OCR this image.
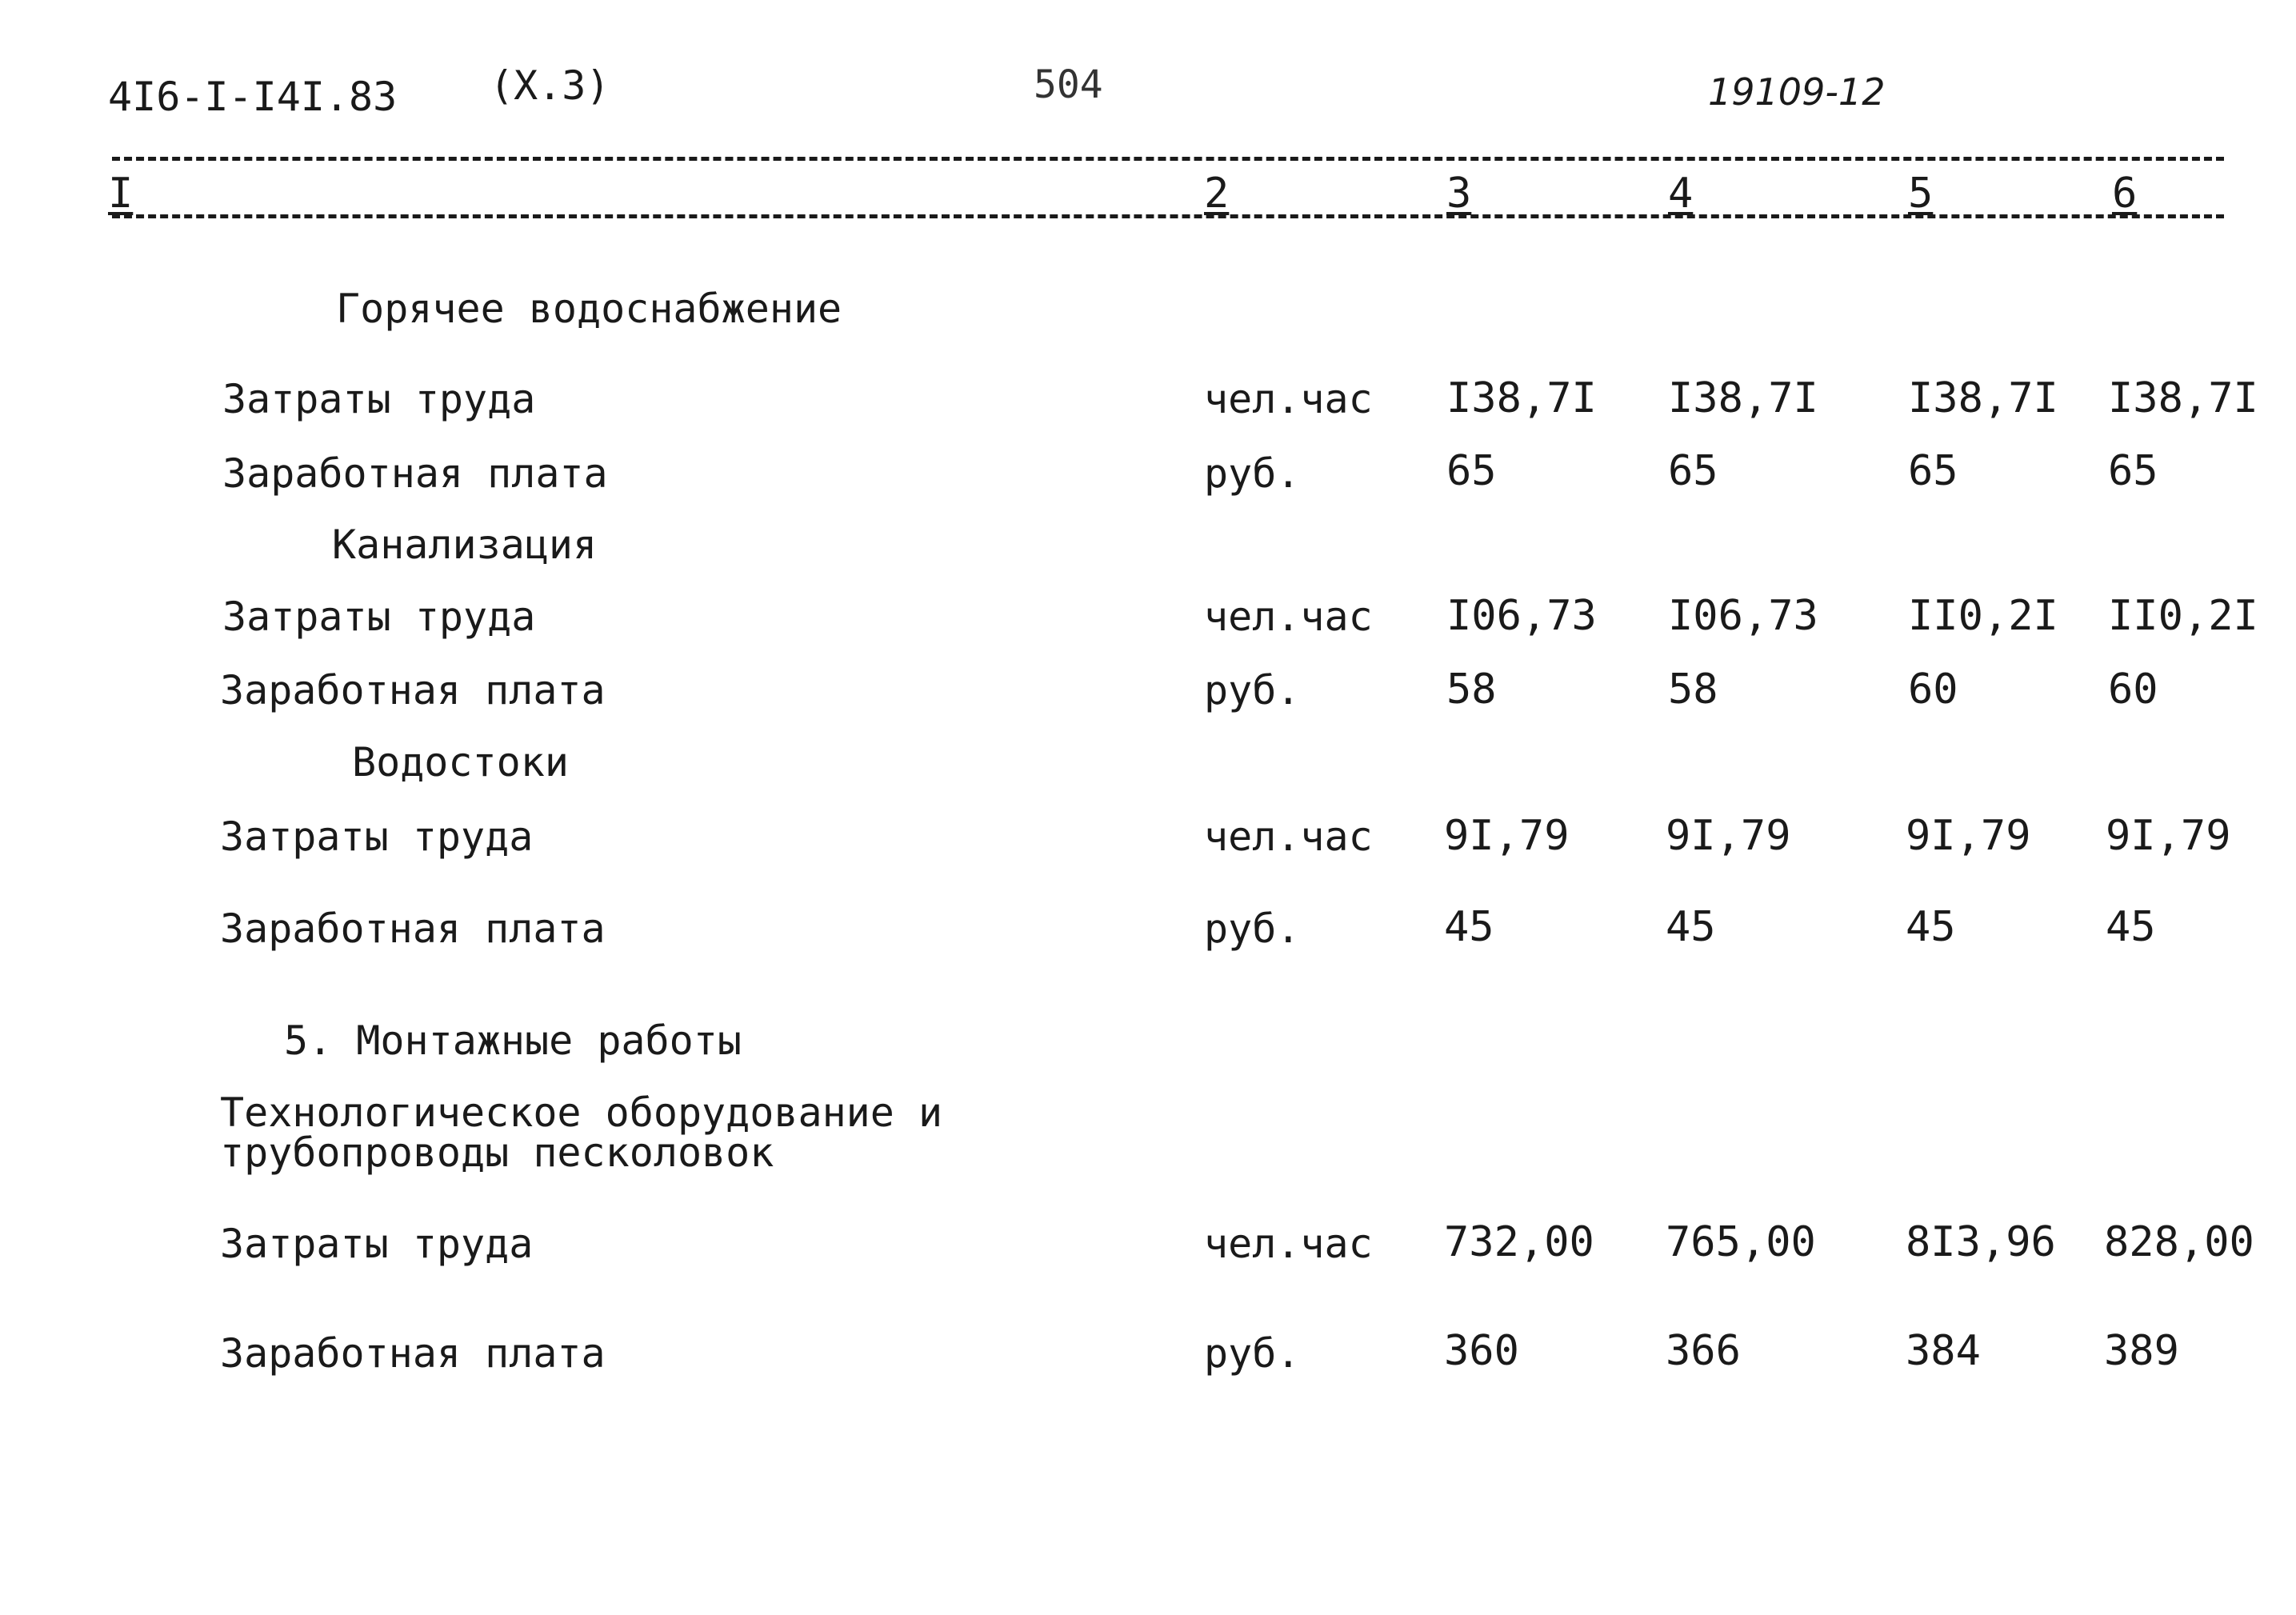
4I6-I-I4I.83 (X.3)	504	19109-12
I	2	3	4	5	6
Горячее водоснабжение
Затраты труда	чел.час I38,7I I38,7I I38,7I I38,7I
Заработная плата	руб.	65	65	65	65
Канализация
Затраты труда	чел.час I06,73 I06,73 II0,2I II0,2I
Заработная плата	руб.	58	58	60	60
Водостоки
Затраты труда	чел.час 9I,79 9I,79	9I,79 9I,79
Заработная плата	руб.	45	45	45	45
5. Монтажные работы
Технологическое оборудование и
трубопроводы песколовок
Затраты труда	чел.час 732,00 765,00 8I3,96 828,00
Заработная плата	руб.	360	366	384	389
